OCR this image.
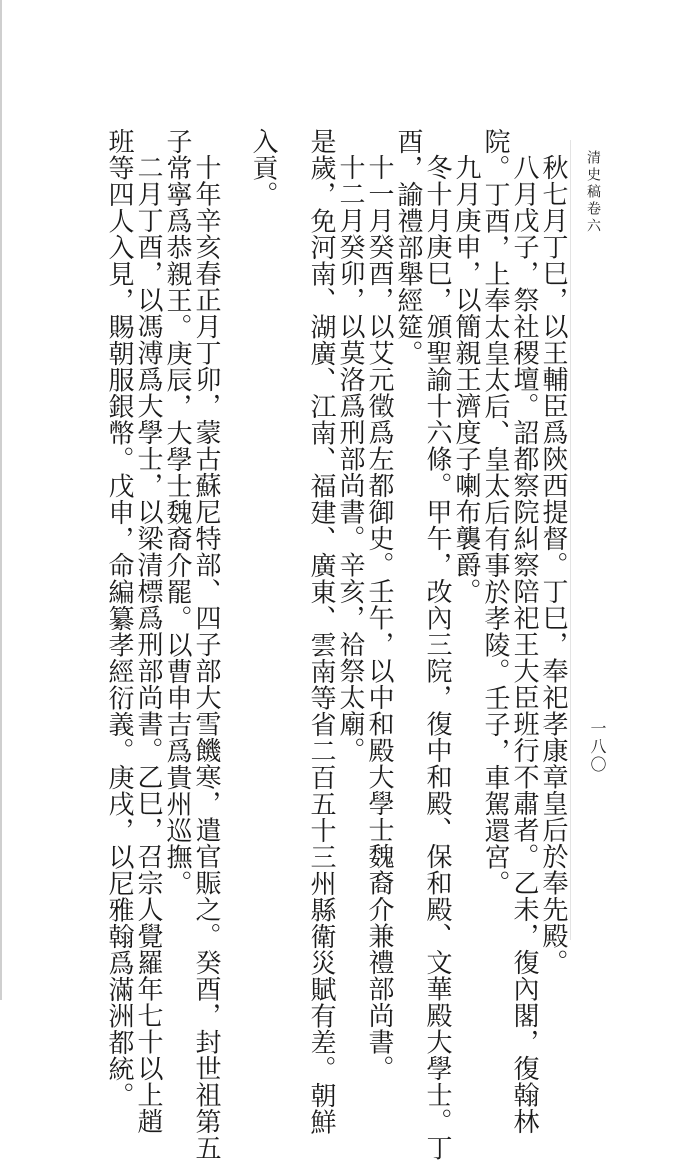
清史稿卷六
一八〇
秋七月丁巳，以王輔臣爲陝西提督。丁巳，奉祀孝康章皇后於奉先殿。
八月戊子，祭社稷壇。詔都察院糾察陪祀王大臣班行不肅者。乙未，復內閣，復翰林
院。丁酉，上奉太皇太后、皇太后有事於孝陵。壬子，車駕還宮。
九月庚申，以簡親王濟度子喇布襲爵。
冬十月庚巳，頒聖諭十六條。甲午，改內三院，復中和殿、保和殿、文華殿大學士。丁
酉，諭禮部舉經筵。
十一月癸酉，以艾元徵爲左都御史。壬午，以中和殿大學士魏裔介兼禮部尚書。
十二月癸卯，以莫洛爲刑部尚書。辛亥，祫祭太廟。
是歲，免河南、湖廣、江南、福建、廣東、雲南等省二百五十三州縣衛災賦有差。朝鮮
入貢。
十年辛亥春正月丁卯，蒙古蘇尼特部、四子部大雪饑寒，遣官賑之。癸酉，封世祖第五
子常寧爲恭親王。庚辰，大學士魏裔介罷。以曹申吉爲貴州巡撫。
二月丁酉，以馮溥爲大學士，以梁清標爲刑部尚書。乙巳，召宗人覺羅年七十以上趙
班等四人入見，賜朝服銀幣。戊申，命編纂孝經衍義。庚戌，以尼雅翰爲滿洲都統。
